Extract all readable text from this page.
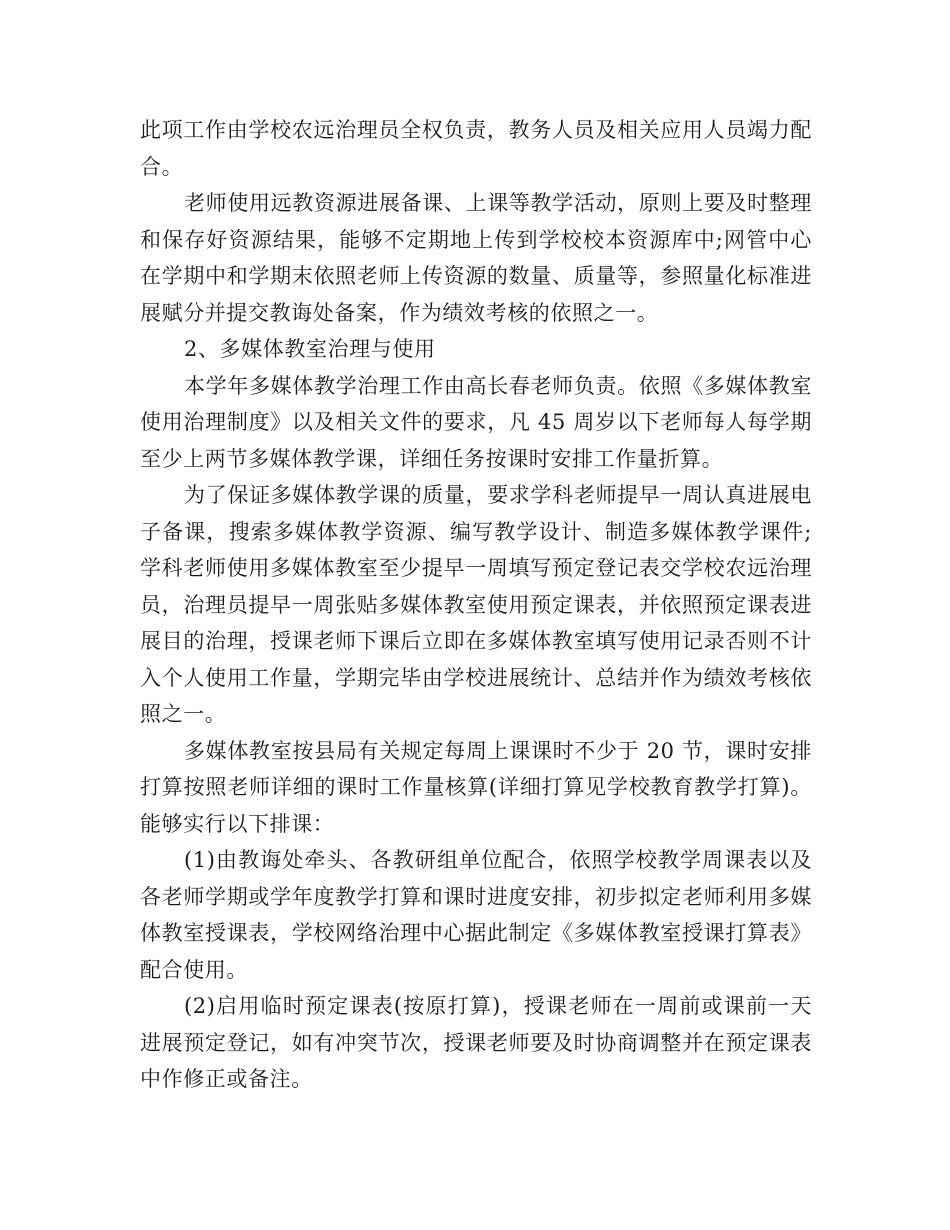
此项工作由学校农远治理员全权负责，教务人员及相关应用人员竭力配合。

老师使用远教资源进展备课、上课等教学活动，原则上要及时整理和保存好资源结果，能够不定期地上传到学校校本资源库中;网管中心在学期中和学期末依照老师上传资源的数量、质量等，参照量化标准进展赋分并提交教诲处备案，作为绩效考核的依照之一。

2、多媒体教室治理与使用

本学年多媒体教学治理工作由高长春老师负责。依照《多媒体教室使用治理制度》以及相关文件的要求，凡 45 周岁以下老师每人每学期至少上两节多媒体教学课，详细任务按课时安排工作量折算。

为了保证多媒体教学课的质量，要求学科老师提早一周认真进展电子备课，搜索多媒体教学资源、编写教学设计、制造多媒体教学课件;学科老师使用多媒体教室至少提早一周填写预定登记表交学校农远治理员，治理员提早一周张贴多媒体教室使用预定课表，并依照预定课表进展目的治理，授课老师下课后立即在多媒体教室填写使用记录否则不计入个人使用工作量，学期完毕由学校进展统计、总结并作为绩效考核依照之一。

多媒体教室按县局有关规定每周上课课时不少于 20 节，课时安排打算按照老师详细的课时工作量核算(详细打算见学校教育教学打算)。能够实行以下排课：

(1)由教诲处牵头、各教研组单位配合，依照学校教学周课表以及各老师学期或学年度教学打算和课时进度安排，初步拟定老师利用多媒体教室授课表，学校网络治理中心据此制定《多媒体教室授课打算表》配合使用。

(2)启用临时预定课表(按原打算)，授课老师在一周前或课前一天进展预定登记，如有冲突节次，授课老师要及时协商调整并在预定课表中作修正或备注。
